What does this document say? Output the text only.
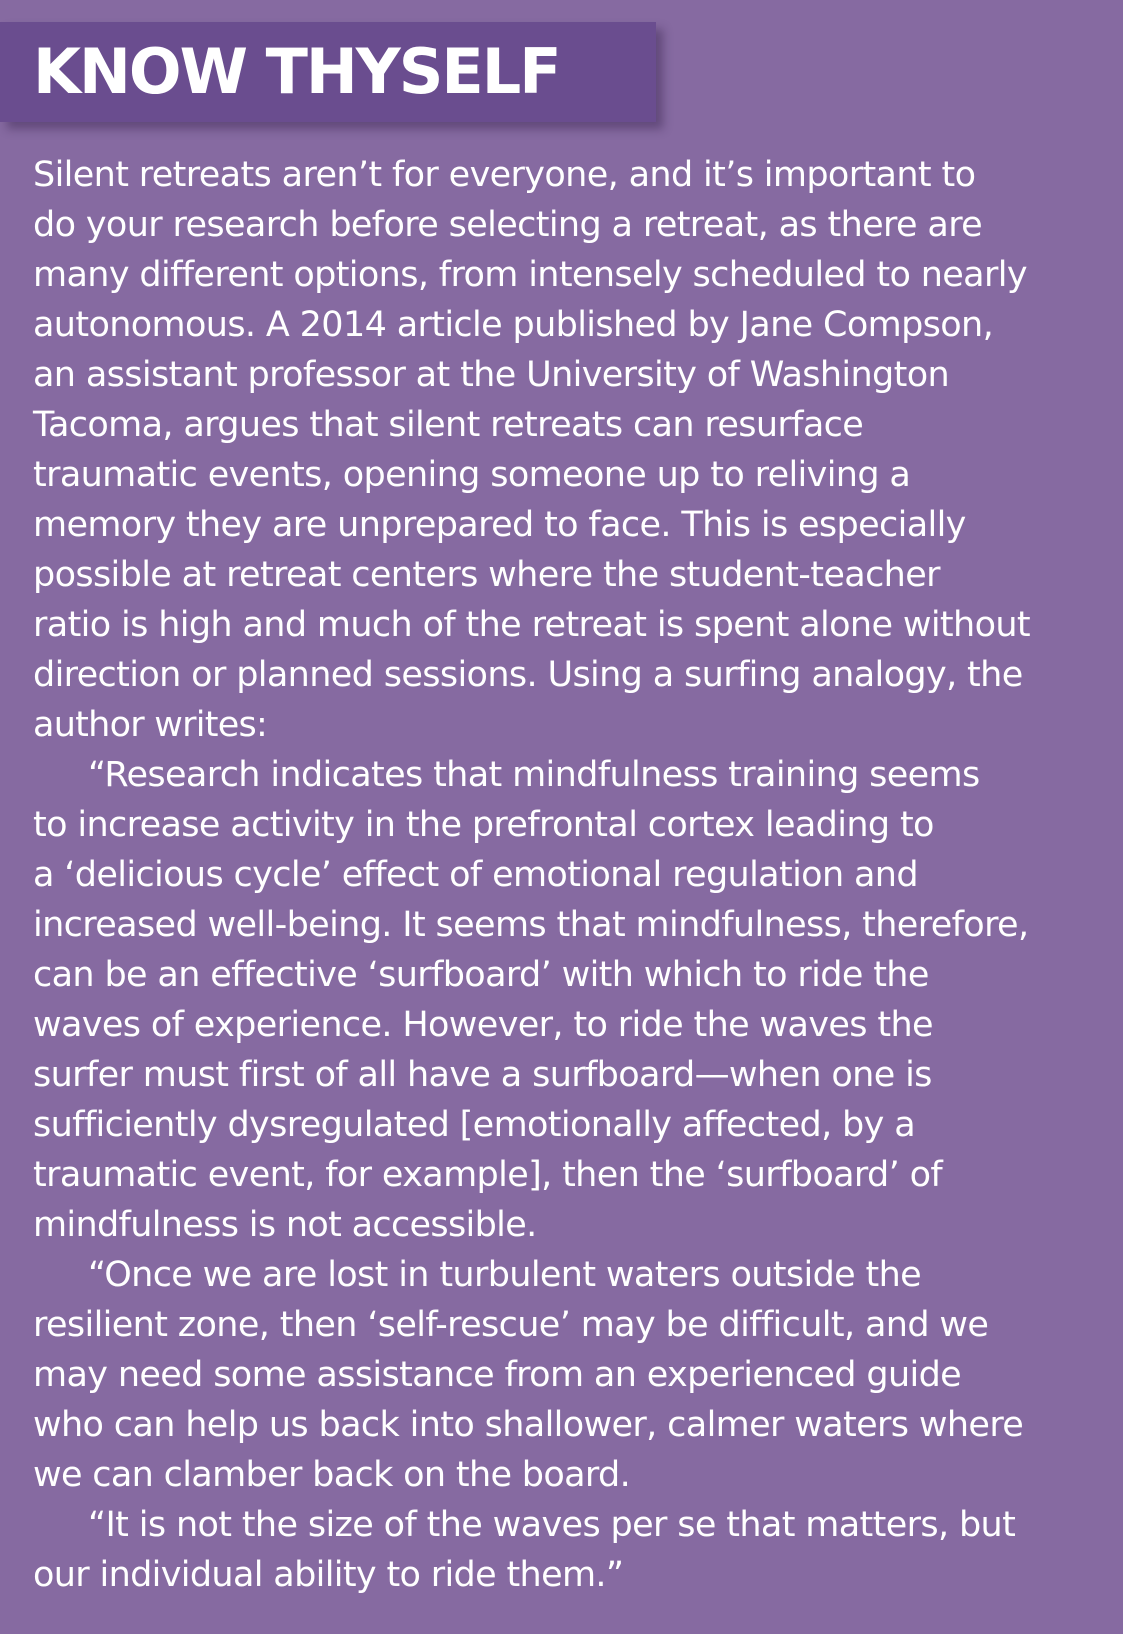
KNOW THYSELF
Silent retreats aren’t for everyone, and it’s important to
do your research before selecting a retreat, as there are
many different options, from intensely scheduled to nearly
autonomous. A 2014 article published by Jane Compson,
an assistant professor at the University of Washington
Tacoma, argues that silent retreats can resurface
traumatic events, opening someone up to reliving a
memory they are unprepared to face. This is especially
possible at retreat centers where the student-teacher
ratio is high and much of the retreat is spent alone without
direction or planned sessions. Using a surfing analogy, the
author writes:
“Research indicates that mindfulness training seems
to increase activity in the prefrontal cortex leading to
a ‘delicious cycle’ effect of emotional regulation and
increased well-being. It seems that mindfulness, therefore,
can be an effective ‘surfboard’ with which to ride the
waves of experience. However, to ride the waves the
surfer must first of all have a surfboard—when one is
sufficiently dysregulated [emotionally affected, by a
traumatic event, for example], then the ‘surfboard’ of
mindfulness is not accessible.
“Once we are lost in turbulent waters outside the
resilient zone, then ‘self-rescue’ may be difficult, and we
may need some assistance from an experienced guide
who can help us back into shallower, calmer waters where
we can clamber back on the board.
“It is not the size of the waves per se that matters, but
our individual ability to ride them.”
